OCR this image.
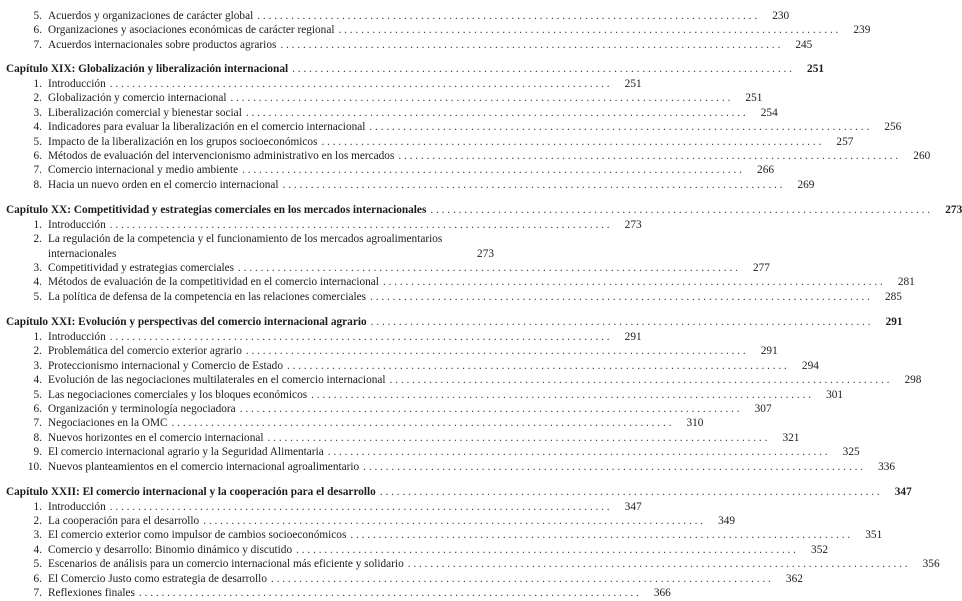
5. Acuerdos y organizaciones de carácter global . . .	230
6. Organizaciones y asociaciones económicas de carácter regional . . .	239
7. Acuerdos internacionales sobre productos agrarios . . .	245
Capítulo XIX: Globalización y liberalización internacional . . .	251
1. Introducción . . .	251
2. Globalización y comercio internacional . . .	251
3. Liberalización comercial y bienestar social . . .	254
4. Indicadores para evaluar la liberalización en el comercio internacional . . .	256
5. Impacto de la liberalización en los grupos socioeconómicos . . .	257
6. Métodos de evaluación del intervencionismo administrativo en los mercados . . .	260
7. Comercio internacional y medio ambiente . . .	266
8. Hacia un nuevo orden en el comercio internacional . . .	269
Capítulo XX: Competitividad y estrategias comerciales en los mercados internacionales . . .	273
1. Introducción . . .	273
2. La regulación de la competencia y el funcionamiento de los mercados agroalimentarios internacionales	273
3. Competitividad y estrategias comerciales . . .	277
4. Métodos de evaluación de la competitividad en el comercio internacional . . .	281
5. La política de defensa de la competencia en las relaciones comerciales . . .	285
Capítulo XXI: Evolución y perspectivas del comercio internacional agrario . . .	291
1. Introducción . . .	291
2. Problemática del comercio exterior agrario . . .	291
3. Proteccionismo internacional y Comercio de Estado . . .	294
4. Evolución de las negociaciones multilaterales en el comercio internacional . . .	298
5. Las negociaciones comerciales y los bloques económicos . . .	301
6. Organización y terminología negociadora . . .	307
7. Negociaciones en la OMC . . .	310
8. Nuevos horizontes en el comercio internacional . . .	321
9. El comercio internacional agrario y la Seguridad Alimentaria . . .	325
10. Nuevos planteamientos en el comercio internacional agroalimentario . . .	336
Capítulo XXII: El comercio internacional y la cooperación para el desarrollo . . .	347
1. Introducción . . .	347
2. La cooperación para el desarrollo . . .	349
3. El comercio exterior como impulsor de cambios socioeconómicos . . .	351
4. Comercio y desarrollo: Binomio dinámico y discutido . . .	352
5. Escenarios de análisis para un comercio internacional más eficiente y solidario . . .	356
6. El Comercio Justo como estrategia de desarrollo . . .	362
7. Reflexiones finales . . .	366
